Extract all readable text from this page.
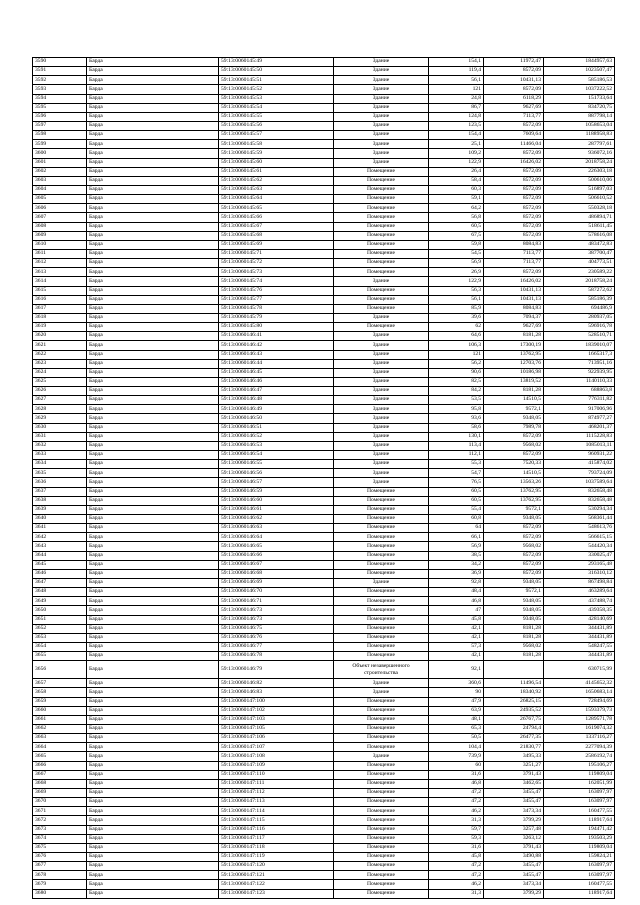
3590	Барда	59:13:0060145:49	Здание	154,1	11972,47	1844957,63
3591	Барда	59:13:0060145:50	Здание	119,4	8572,09	1023507,47
3592	Барда	59:13:0060145:51	Здание	56,1	10431,13	585186,53
3593	Барда	59:13:0060145:52	Здание	121	8572,09	1037222,52
3594	Барда	59:13:0060145:53	Здание	24,8	6118,29	151733,64
3595	Барда	59:13:0060145:54	Здание	86,7	9627,69	834720,75
3596	Барда	59:13:0060145:55	Здание	124,8	7113,77	887798,14
3597	Барда	59:13:0060145:56	Здание	123,5	8572,09	1058653,04
3598	Барда	59:13:0060145:57	Здание	154,4	7609,64	1188958,83
3599	Барда	59:13:0060145:58	Здание	25,1	11466,04	287797,61
3600	Барда	59:13:0060145:59	Здание	109,2	8572,09	936072,16
3601	Барда	59:13:0060145:60	Здание	122,9	16426,02	2018758,24
3602	Барда	59:13:0060145:61	Помещение	26,4	8572,09	226303,18
3603	Барда	59:13:0060145:62	Помещение	58,4	8572,09	500610,06
3604	Барда	59:13:0060145:63	Помещение	60,3	8572,09	516897,03
3605	Барда	59:13:0060145:64	Помещение	59,1	8572,09	506610,52
3606	Барда	59:13:0060145:65	Помещение	64,2	8572,09	550328,18
3607	Барда	59:13:0060145:66	Помещение	56,8	8572,09	486894,71
3608	Барда	59:13:0060145:67	Помещение	60,5	8572,09	518611,45
3609	Барда	59:13:0060145:68	Помещение	67,5	8572,09	578616,08
3610	Барда	59:13:0060145:69	Помещение	59,8	8084,83	483472,83
3611	Барда	59:13:0060145:71	Помещение	54,5	7113,77	387700,47
3612	Барда	59:13:0060145:72	Помещение	56,9	7113,77	404773,51
3613	Барда	59:13:0060145:73	Помещение	26,9	8572,09	230589,22
3614	Барда	59:13:0060145:74	Здание	122,9	16426,02	2018758,24
3615	Барда	59:13:0060145:76	Помещение	56,3	10431,13	587272,62
3616	Барда	59:13:0060145:77	Помещение	56,1	10431,13	585186,39
3617	Барда	59:13:0060145:78	Помещение	85,9	8084,83	694486,9
3618	Барда	59:13:0060145:79	Здание	39,6	7094,37	280937,05
3619	Барда	59:13:0060145:80	Помещение	62	9627,69	596916,78
3620	Барда	59:13:0060146:41	Здание	64,6	8181,28	528510,71
3621	Барда	59:13:0060146:42	Здание	106,3	17300,19	1839010,07
3622	Барда	59:13:0060146:43	Здание	121	13762,95	1665317,3
3623	Барда	59:13:0060146:44	Здание	56,2	12703,76	713951,16
3624	Барда	59:13:0060146:45	Здание	90,6	10186,98	922939,95
3625	Барда	59:13:0060146:46	Здание	82,5	13819,52	1140110,33
3626	Барда	59:13:0060146:47	Здание	84,2	8181,28	688863,8
3627	Барда	59:13:0060146:48	Здание	53,5	14510,5	776311,82
3628	Барда	59:13:0060146:49	Здание	95,8	9572,1	917006,96
3629	Барда	59:13:0060146:50	Здание	93,6	9348,05	874977,27
3630	Барда	59:13:0060146:51	Здание	58,6	7989,78	468201,37
3631	Барда	59:13:0060146:52	Здание	130,1	8572,09	1115228,83
3632	Барда	59:13:0060146:53	Здание	113,4	9568,02	1085013,11
3633	Барда	59:13:0060146:54	Здание	112,1	8572,09	960931,22
3634	Барда	59:13:0060146:55	Здание	55,3	7520,33	415874,02
3635	Барда	59:13:0060146:56	Здание	54,7	14510,5	793724,09
3636	Барда	59:13:0060146:57	Здание	76,5	13563,26	1037589,64
3637	Барда	59:13:0060146:59	Помещение	60,5	13762,95	832658,48
3638	Барда	59:13:0060146:60	Помещение	60,5	13762,95	832658,48
3639	Барда	59:13:0060146:61	Помещение	55,4	9572,1	530294,34
3640	Барда	59:13:0060146:62	Помещение	60,8	9348,05	568361,44
3641	Барда	59:13:0060146:63	Помещение	64	8572,09	548613,76
3642	Барда	59:13:0060146:64	Помещение	66,1	8572,09	566615,15
3643	Барда	59:13:0060146:65	Помещение	56,9	9568,02	544420,34
3644	Барда	59:13:0060146:66	Помещение	38,5	8572,09	330025,47
3645	Барда	59:13:0060146:67	Помещение	34,2	8572,09	293165,48
3646	Барда	59:13:0060146:68	Помещение	36,9	8572,09	316310,12
3647	Барда	59:13:0060146:69	Здание	92,8	9348,05	867498,84
3648	Барда	59:13:0060146:70	Помещение	48,4	9572,1	463289,64
3649	Барда	59:13:0060146:71	Помещение	46,8	9348,05	437488,74
3650	Барда	59:13:0060146:73	Помещение	47	9348,05	439358,35
3651	Барда	59:13:0060146:73	Помещение	45,8	9348,05	428140,69
3652	Барда	59:13:0060146:75	Помещение	42,1	8181,28	344431,89
3653	Барда	59:13:0060146:76	Помещение	42,1	8181,28	344431,89
3654	Барда	59:13:0060146:77	Помещение	57,3	9568,02	548247,55
3655	Барда	59:13:0060146:78	Помещение	42,1	8181,28	344431,89
3656	Барда	59:13:0060146:79	Объект незавершенного строительства	92,1		630715,99
3657	Барда	59:13:0060146:82	Здание	360,6	11496,54	4145652,32
3658	Барда	59:13:0060146:83	Здание	90	18340,92	1650683,14
3659	Барда	59:13:0060147:100	Помещение	47,9	26825,15	728494,69
3660	Барда	59:13:0060147:102	Помещение	63,9	24935,52	1593379,73
3661	Барда	59:13:0060147:103	Помещение	48,1	26767,75	1289571,78
3662	Барда	59:13:0060147:105	Помещение	65,3	24794,4	1619074,32
3663	Барда	59:13:0060147:106	Помещение	50,5	26477,35	1337116,27
3664	Барда	59:13:0060147:107	Помещение	104,4	21830,77	2277094,39
3665	Барда	59:13:0060147:108	Здание	739,9	3495,33	2586192,74
3666	Барда	59:13:0060147:109	Помещение	60	3251,27	195106,27
3667	Барда	59:13:0060147:110	Помещение	31,6	3791,43	119809,04
3668	Барда	59:13:0060147:111	Помещение	46,8	3462,65	162051,99
3669	Барда	59:13:0060147:112	Помещение	47,2	3455,47	163097,97
3670	Барда	59:13:0060147:113	Помещение	47,2	3455,47	163097,97
3671	Барда	59:13:0060147:114	Помещение	46,2	3473,34	160477,55
3672	Барда	59:13:0060147:115	Помещение	31,3	3799,29	118917,64
3673	Барда	59:13:0060147:116	Помещение	59,7	3257,48	194471,42
3674	Барда	59:13:0060147:117	Помещение	59,3	3263,12	193503,29
3675	Барда	59:13:0060147:118	Помещение	31,6	3791,43	119809,04
3676	Барда	59:13:0060147:119	Помещение	45,8	3490,88	159824,21
3677	Барда	59:13:0060147:120	Помещение	47,2	3455,47	163097,97
3678	Барда	59:13:0060147:121	Помещение	47,2	3455,47	163097,97
3679	Барда	59:13:0060147:122	Помещение	46,2	3473,34	160477,55
3680	Барда	59:13:0060147:123	Помещение	31,3	3799,29	118917,64
